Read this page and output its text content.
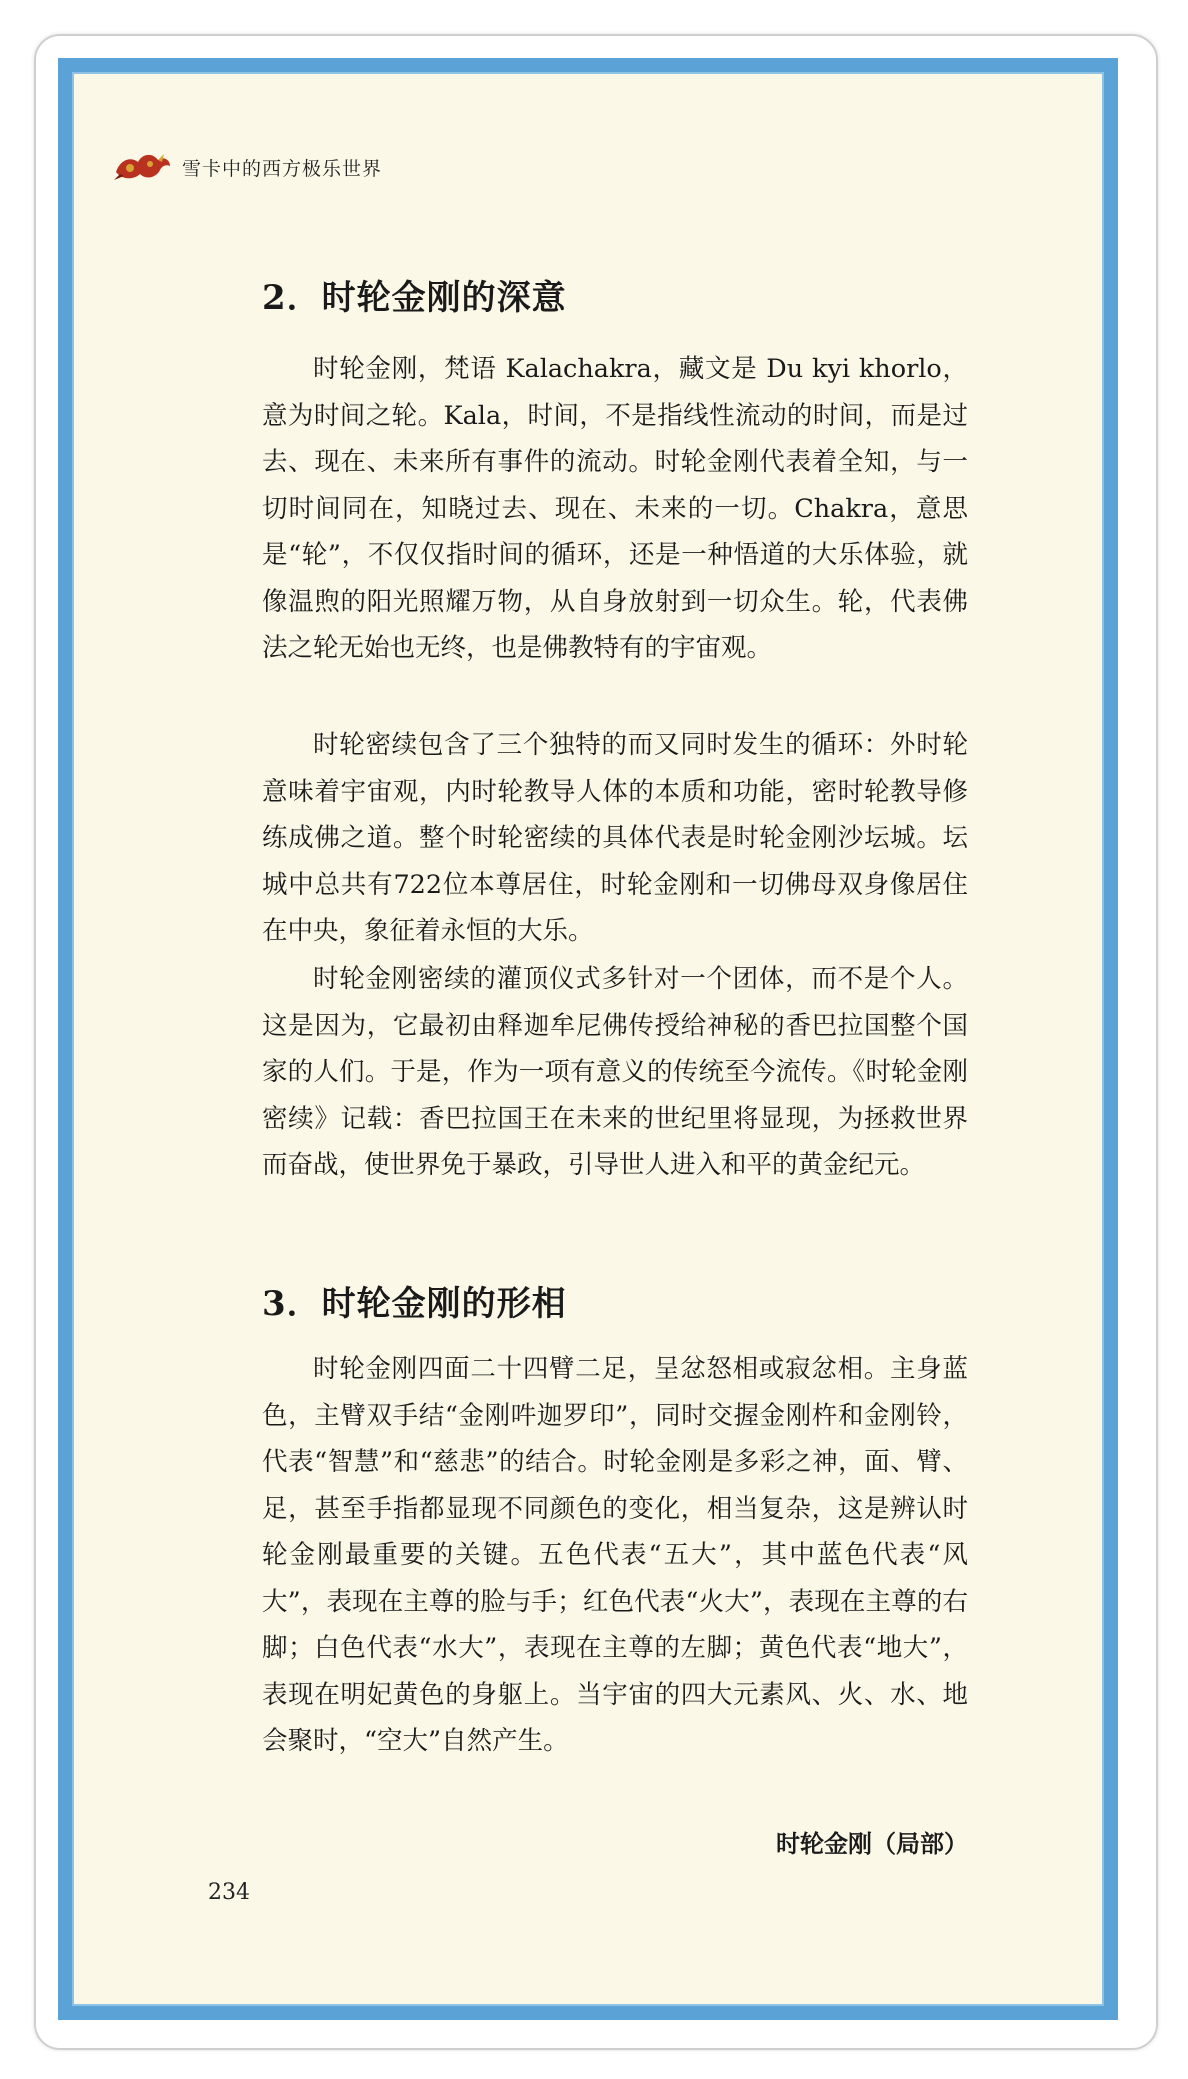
雪卡中的西方极乐世界
2．时轮金刚的深意

时轮金刚，梵语 Kalachakra，藏文是 Du kyi khorlo，意为时间之轮。Kala，时间，不是指线性流动的时间，而是过去、现在、未来所有事件的流动。时轮金刚代表着全知，与一切时间同在，知晓过去、现在、未来的一切。Chakra，意思是“轮”，不仅仅指时间的循环，还是一种悟道的大乐体验，就像温煦的阳光照耀万物，从自身放射到一切众生。轮，代表佛法之轮无始也无终，也是佛教特有的宇宙观。

时轮密续包含了三个独特的而又同时发生的循环：外时轮意味着宇宙观，内时轮教导人体的本质和功能，密时轮教导修练成佛之道。整个时轮密续的具体代表是时轮金刚沙坛城。坛城中总共有722位本尊居住，时轮金刚和一切佛母双身像居住在中央，象征着永恒的大乐。

时轮金刚密续的灌顶仪式多针对一个团体，而不是个人。这是因为，它最初由释迦牟尼佛传授给神秘的香巴拉国整个国家的人们。于是，作为一项有意义的传统至今流传。《时轮金刚密续》记载：香巴拉国王在未来的世纪里将显现，为拯救世界而奋战，使世界免于暴政，引导世人进入和平的黄金纪元。

3．时轮金刚的形相

时轮金刚四面二十四臂二足，呈忿怒相或寂忿相。主身蓝色，主臂双手结“金刚吽迦罗印”，同时交握金刚杵和金刚铃，代表“智慧”和“慈悲”的结合。时轮金刚是多彩之神，面、臂、足，甚至手指都显现不同颜色的变化，相当复杂，这是辨认时轮金刚最重要的关键。五色代表“五大”，其中蓝色代表“风大”，表现在主尊的脸与手；红色代表“火大”，表现在主尊的右脚；白色代表“水大”，表现在主尊的左脚；黄色代表“地大”，表现在明妃黄色的身躯上。当宇宙的四大元素风、火、水、地会聚时，“空大”自然产生。

时轮金刚（局部）
234
